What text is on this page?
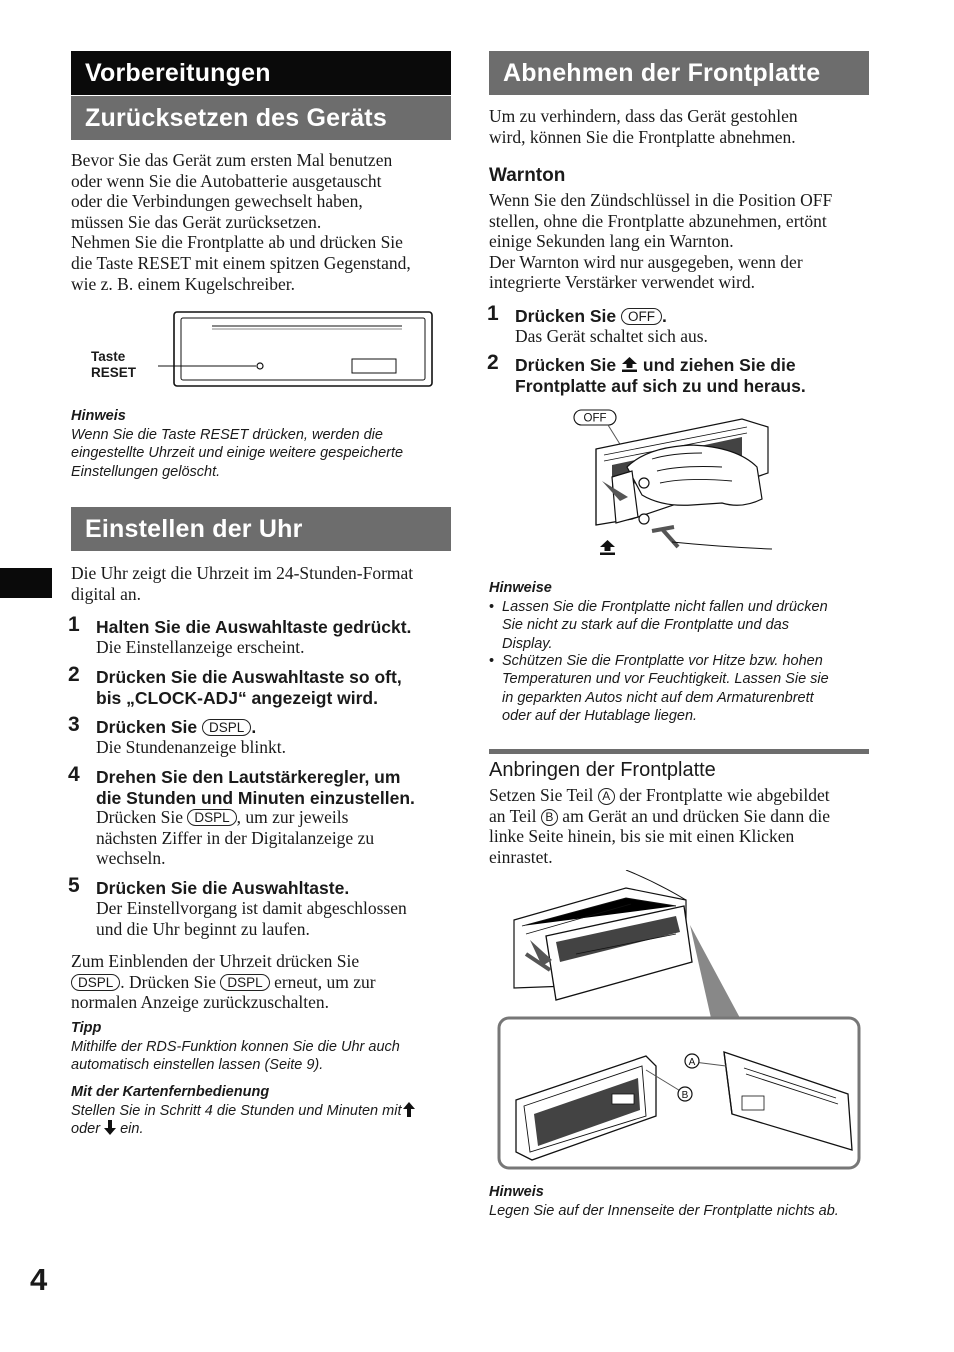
Vorbereitungen
Zurücksetzen des Geräts
Bevor Sie das Gerät zum ersten Mal benutzen
oder wenn Sie die Autobatterie ausgetauscht
oder die Verbindungen gewechselt haben,
müssen Sie das Gerät zurücksetzen.
Nehmen Sie die Frontplatte ab und drücken Sie
die Taste RESET mit einem spitzen Gegenstand,
wie z. B. einem Kugelschreiber.
Taste
RESET
Hinweis
Wenn Sie die Taste RESET drücken, werden die
eingestellte Uhrzeit und einige weitere gespeicherte
Einstellungen gelöscht.
Einstellen der Uhr
Die Uhr zeigt die Uhrzeit im 24-Stunden-Format
digital an.
1 Halten Sie die Auswahltaste gedrückt.
Die Einstellanzeige erscheint.
2 Drücken Sie die Auswahltaste so oft,
bis „CLOCK-ADJ“ angezeigt wird.
3 Drücken Sie DSPL .
Die Stundenanzeige blinkt.
4 Drehen Sie den Lautstärkeregler, um
die Stunden und Minuten einzustellen.
Drücken Sie DSPL , um zur jeweils
nächsten Ziffer in der Digitalanzeige zu
wechseln.
5 Drücken Sie die Auswahltaste.
Der Einstellvorgang ist damit abgeschlossen
und die Uhr beginnt zu laufen.
Zum Einblenden der Uhrzeit drücken Sie
DSPL . Drücken Sie DSPL erneut, um zur
normalen Anzeige zurückzuschalten.
Tipp
Mithilfe der RDS-Funktion konnen Sie die Uhr auch
automatisch einstellen lassen (Seite 9).
Mit der Kartenfernbedienung
Stellen Sie in Schritt 4 die Stunden und Minuten mit
oder ein.
Abnehmen der Frontplatte
Um zu verhindern, dass das Gerät gestohlen
wird, können Sie die Frontplatte abnehmen.
Warnton
Wenn Sie den Zündschlüssel in die Position OFF
stellen, ohne die Frontplatte abzunehmen, ertönt
einige Sekunden lang ein Warnton.
Der Warnton wird nur ausgegeben, wenn der
integrierte Verstärker verwendet wird.
1 Drücken Sie OFF .
Das Gerät schaltet sich aus.
2 Drücken Sie und ziehen Sie die
Frontplatte auf sich zu und heraus.
OFF
Hinweise
• Lassen Sie die Frontplatte nicht fallen und drücken
Sie nicht zu stark auf die Frontplatte und das
Display.
• Schützen Sie die Frontplatte vor Hitze bzw. hohen
Temperaturen und vor Feuchtigkeit. Lassen Sie sie
in geparkten Autos nicht auf dem Armaturenbrett
oder auf der Hutablage liegen.
Anbringen der Frontplatte
Setzen Sie Teil A der Frontplatte wie abgebildet
an Teil B am Gerät an und drücken Sie dann die
linke Seite hinein, bis sie mit einen Klicken
einrastet.
A
B
Hinweis
Legen Sie auf der Innenseite der Frontplatte nichts ab.
4
